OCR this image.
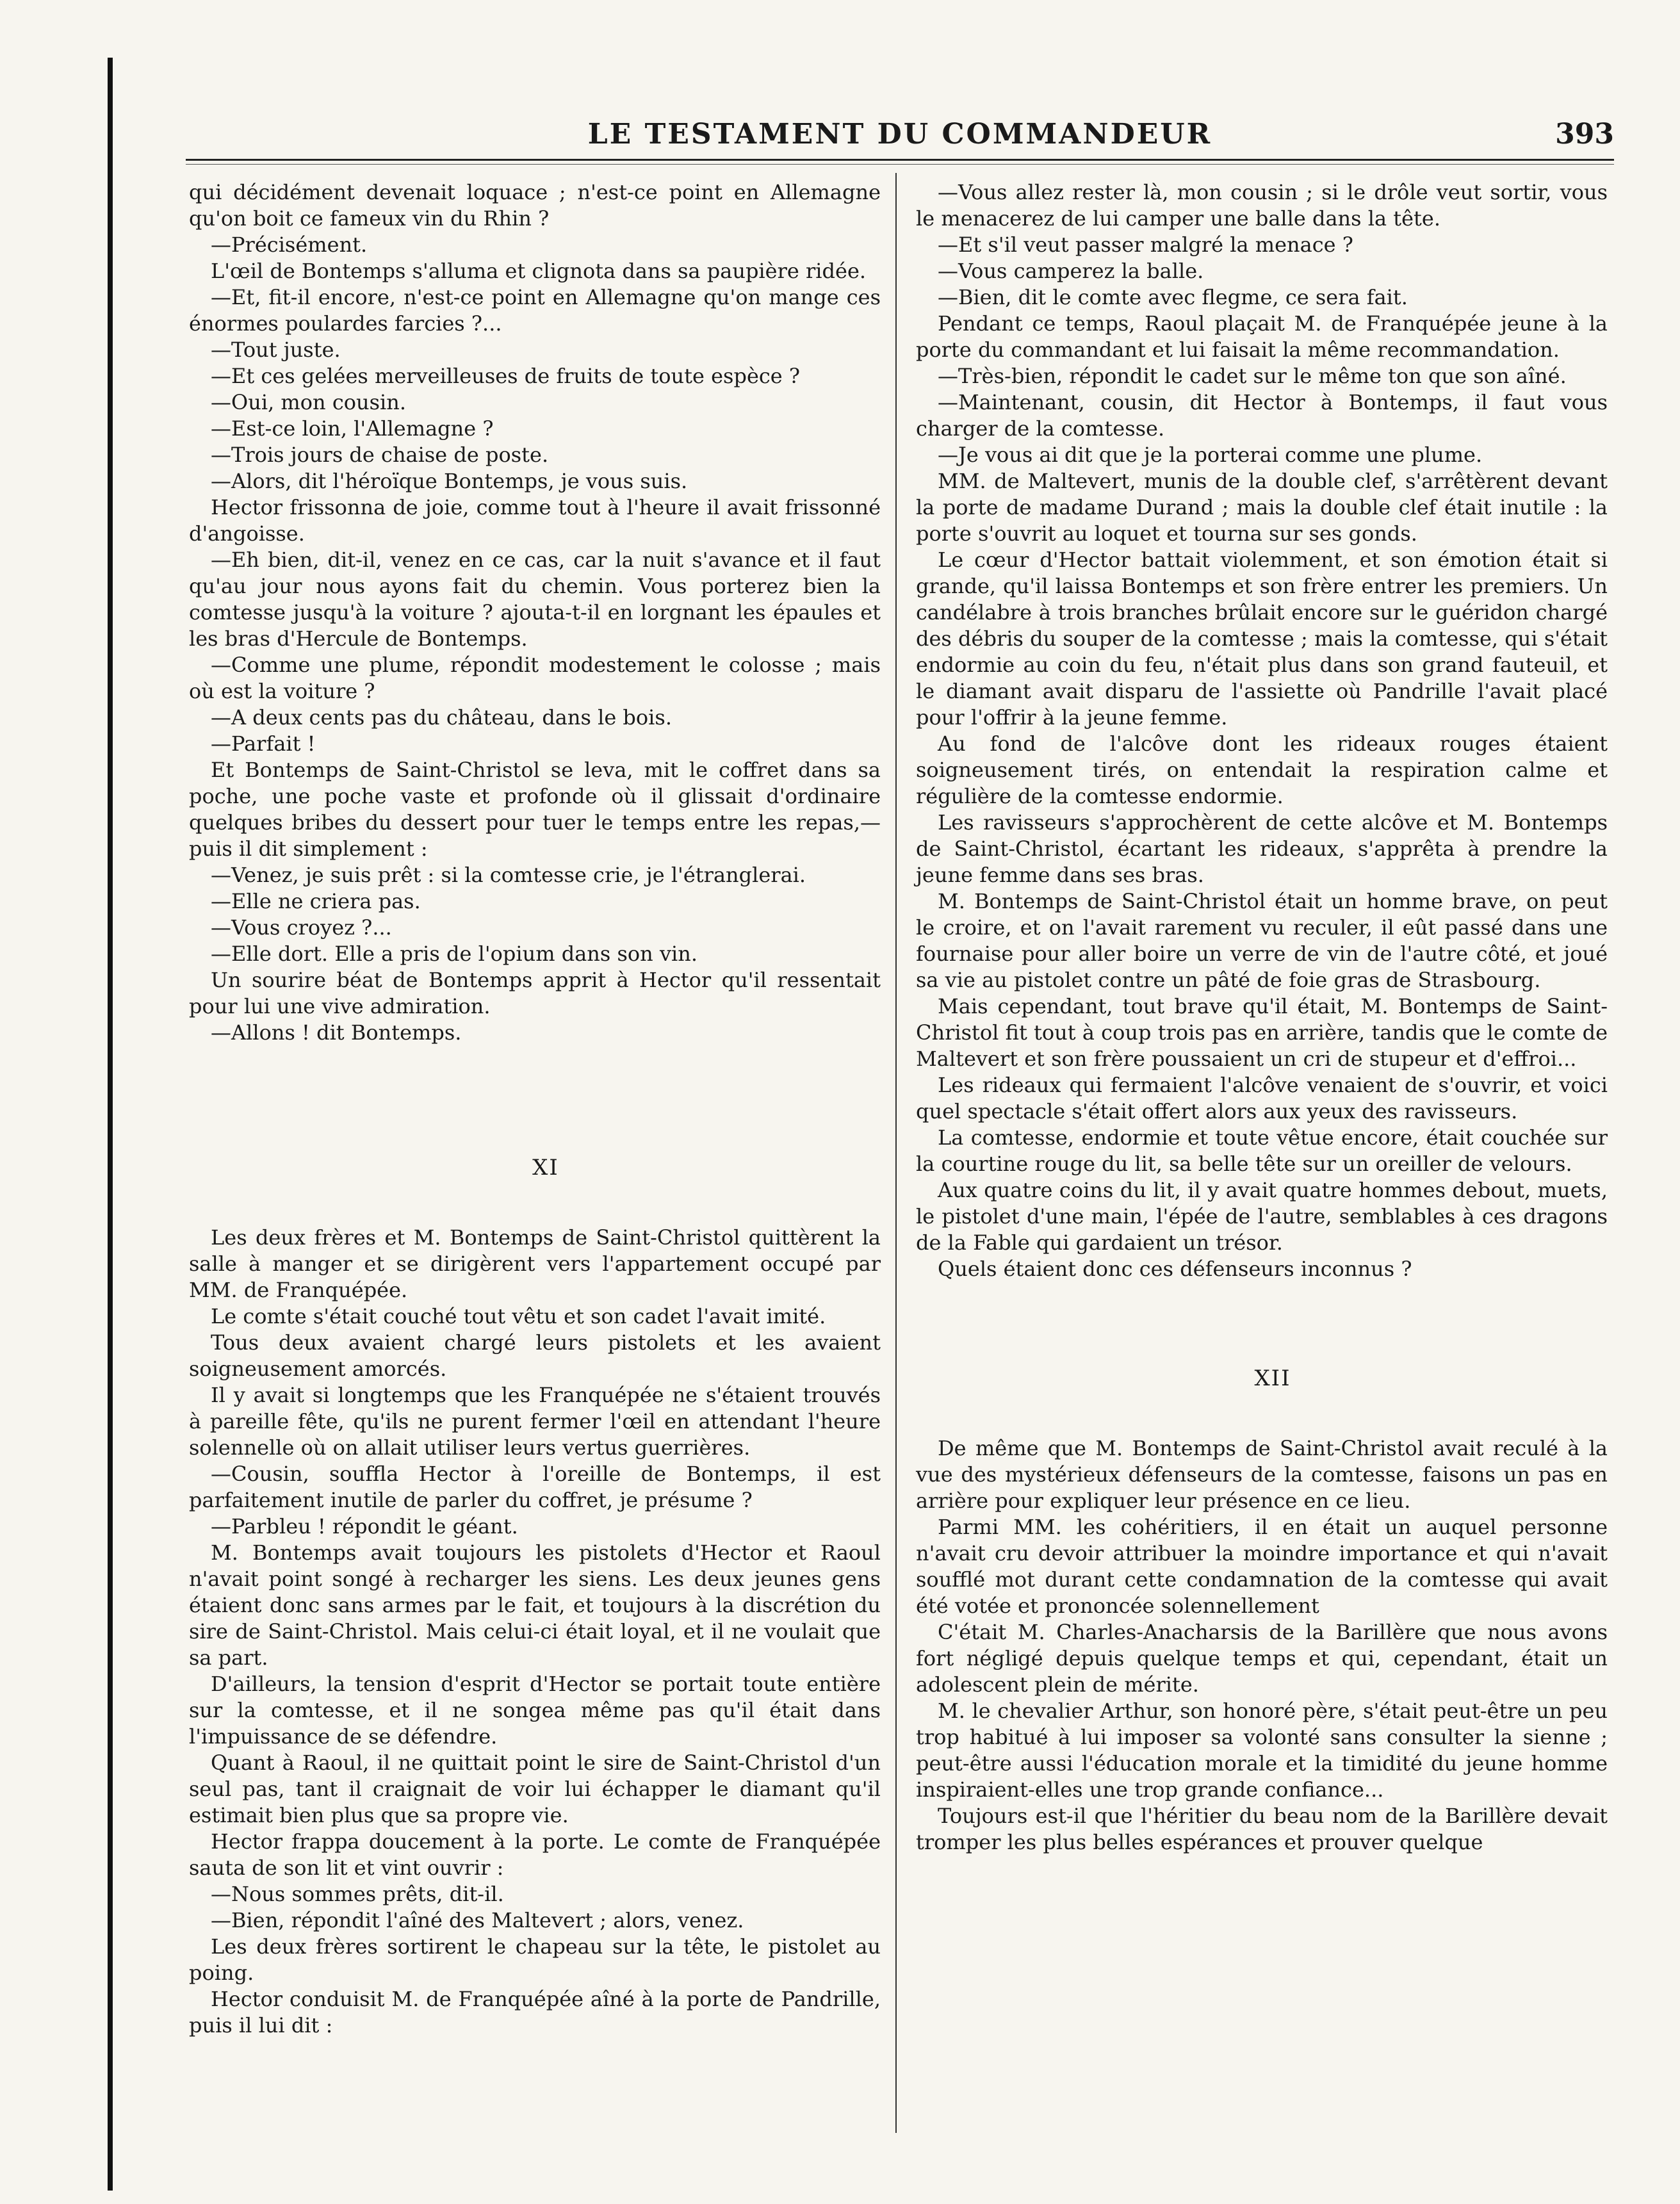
LE TESTAMENT DU COMMANDEUR	393

qui décidément devenait loquace ; n'est-ce point en Allemagne qu'on boit ce fameux vin du Rhin ?

—Précisément.

L'œil de Bontemps s'alluma et clignota dans sa paupière ridée.

—Et, fit-il encore, n'est-ce point en Allemagne qu'on mange ces énormes poulardes farcies ?...

—Tout juste.

—Et ces gelées merveilleuses de fruits de toute espèce ?

—Oui, mon cousin.

—Est-ce loin, l'Allemagne ?

—Trois jours de chaise de poste.

—Alors, dit l'héroïque Bontemps, je vous suis.

Hector frissonna de joie, comme tout à l'heure il avait frissonné d'angoisse.

—Eh bien, dit-il, venez en ce cas, car la nuit s'avance et il faut qu'au jour nous ayons fait du chemin. Vous porterez bien la comtesse jusqu'à la voiture ? ajouta-t-il en lorgnant les épaules et les bras d'Hercule de Bontemps.

—Comme une plume, répondit modestement le colosse ; mais où est la voiture ?

—A deux cents pas du château, dans le bois.

—Parfait !

Et Bontemps de Saint-Christol se leva, mit le coffret dans sa poche, une poche vaste et profonde où il glissait d'ordinaire quelques bribes du dessert pour tuer le temps entre les repas,— puis il dit simplement :

—Venez, je suis prêt : si la comtesse crie, je l'étranglerai.

—Elle ne criera pas.

—Vous croyez ?...

—Elle dort. Elle a pris de l'opium dans son vin.

Un sourire béat de Bontemps apprit à Hector qu'il ressentait pour lui une vive admiration.

—Allons ! dit Bontemps.

XI

Les deux frères et M. Bontemps de Saint-Christol quittèrent la salle à manger et se dirigèrent vers l'appartement occupé par MM. de Franquépée.

Le comte s'était couché tout vêtu et son cadet l'avait imité.

Tous deux avaient chargé leurs pistolets et les avaient soigneusement amorcés.

Il y avait si longtemps que les Franquépée ne s'étaient trouvés à pareille fête, qu'ils ne purent fermer l'œil en attendant l'heure solennelle où on allait utiliser leurs vertus guerrières.

—Cousin, souffla Hector à l'oreille de Bontemps, il est parfaitement inutile de parler du coffret, je présume ?

—Parbleu ! répondit le géant.

M. Bontemps avait toujours les pistolets d'Hector et Raoul n'avait point songé à recharger les siens. Les deux jeunes gens étaient donc sans armes par le fait, et toujours à la discrétion du sire de Saint-Christol. Mais celui-ci était loyal, et il ne voulait que sa part.

D'ailleurs, la tension d'esprit d'Hector se portait toute entière sur la comtesse, et il ne songea même pas qu'il était dans l'impuissance de se défendre.

Quant à Raoul, il ne quittait point le sire de Saint-Christol d'un seul pas, tant il craignait de voir lui échapper le diamant qu'il estimait bien plus que sa propre vie.

Hector frappa doucement à la porte. Le comte de Franquépée sauta de son lit et vint ouvrir :

—Nous sommes prêts, dit-il.

—Bien, répondit l'aîné des Maltevert ; alors, venez.

Les deux frères sortirent le chapeau sur la tête, le pistolet au poing.

Hector conduisit M. de Franquépée aîné à la porte de Pandrille, puis il lui dit :

—Vous allez rester là, mon cousin ; si le drôle veut sortir, vous le menacerez de lui camper une balle dans la tête.

—Et s'il veut passer malgré la menace ?

—Vous camperez la balle.

—Bien, dit le comte avec flegme, ce sera fait.

Pendant ce temps, Raoul plaçait M. de Franquépée jeune à la porte du commandant et lui faisait la même recommandation.

—Très-bien, répondit le cadet sur le même ton que son aîné.

—Maintenant, cousin, dit Hector à Bontemps, il faut vous charger de la comtesse.

—Je vous ai dit que je la porterai comme une plume.

MM. de Maltevert, munis de la double clef, s'arrêtèrent devant la porte de madame Durand ; mais la double clef était inutile : la porte s'ouvrit au loquet et tourna sur ses gonds.

Le cœur d'Hector battait violemment, et son émotion était si grande, qu'il laissa Bontemps et son frère entrer les premiers. Un candélabre à trois branches brûlait encore sur le guéridon chargé des débris du souper de la comtesse ; mais la comtesse, qui s'était endormie au coin du feu, n'était plus dans son grand fauteuil, et le diamant avait disparu de l'assiette où Pandrille l'avait placé pour l'offrir à la jeune femme.

Au fond de l'alcôve dont les rideaux rouges étaient soigneusement tirés, on entendait la respiration calme et régulière de la comtesse endormie.

Les ravisseurs s'approchèrent de cette alcôve et M. Bontemps de Saint-Christol, écartant les rideaux, s'apprêta à prendre la jeune femme dans ses bras.

M. Bontemps de Saint-Christol était un homme brave, on peut le croire, et on l'avait rarement vu reculer, il eût passé dans une fournaise pour aller boire un verre de vin de l'autre côté, et joué sa vie au pistolet contre un pâté de foie gras de Strasbourg.

Mais cependant, tout brave qu'il était, M. Bontemps de Saint-Christol fit tout à coup trois pas en arrière, tandis que le comte de Maltevert et son frère poussaient un cri de stupeur et d'effroi...

Les rideaux qui fermaient l'alcôve venaient de s'ouvrir, et voici quel spectacle s'était offert alors aux yeux des ravisseurs.

La comtesse, endormie et toute vêtue encore, était couchée sur la courtine rouge du lit, sa belle tête sur un oreiller de velours.

Aux quatre coins du lit, il y avait quatre hommes debout, muets, le pistolet d'une main, l'épée de l'autre, semblables à ces dragons de la Fable qui gardaient un trésor.

Quels étaient donc ces défenseurs inconnus ?

XII

De même que M. Bontemps de Saint-Christol avait reculé à la vue des mystérieux défenseurs de la comtesse, faisons un pas en arrière pour expliquer leur présence en ce lieu.

Parmi MM. les cohéritiers, il en était un auquel personne n'avait cru devoir attribuer la moindre importance et qui n'avait soufflé mot durant cette condamnation de la comtesse qui avait été votée et prononcée solennellement

C'était M. Charles-Anacharsis de la Barillère que nous avons fort négligé depuis quelque temps et qui, cependant, était un adolescent plein de mérite.

M. le chevalier Arthur, son honoré père, s'était peut-être un peu trop habitué à lui imposer sa volonté sans consulter la sienne ; peut-être aussi l'éducation morale et la timidité du jeune homme inspiraient-elles une trop grande confiance...

Toujours est-il que l'héritier du beau nom de la Barillère devait tromper les plus belles espérances et prouver quelque
